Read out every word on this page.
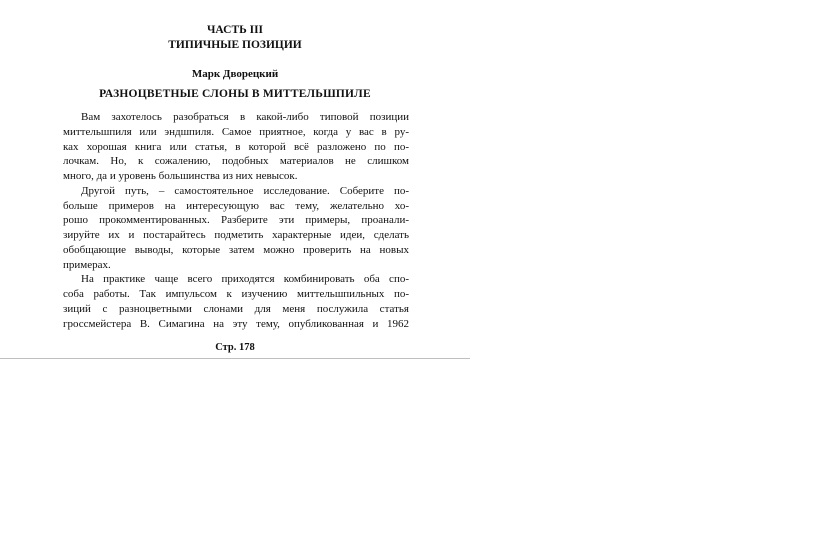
ЧАСТЬ III
ТИПИЧНЫЕ ПОЗИЦИИ
Марк Дворецкий
РАЗНОЦВЕТНЫЕ СЛОНЫ В МИТТЕЛЬШПИЛЕ
Вам захотелось разобраться в какой-либо типовой позиции
миттельшпиля или эндшпиля. Самое приятное, когда у вас в ру-
ках хорошая книга или статья, в которой всё разложено по по-
лочкам. Но, к сожалению, подобных материалов не слишком
много, да и уровень большинства из них невысок.
Другой путь, – самостоятельное исследование. Соберите по-
больше примеров на интересующую вас тему, желательно хо-
рошо прокомментированных. Разберите эти примеры, проанали-
зируйте их и постарайтесь подметить характерные идеи, сделать
обобщающие выводы, которые затем можно проверить на новых
примерах.
На практике чаще всего приходятся комбинировать оба спо-
соба работы. Так импульсом к изучению миттельшпильных по-
зиций с разноцветными слонами для меня послужила статья
гроссмейстера В. Симагина на эту тему, опубликованная и 1962
Стр. 178
